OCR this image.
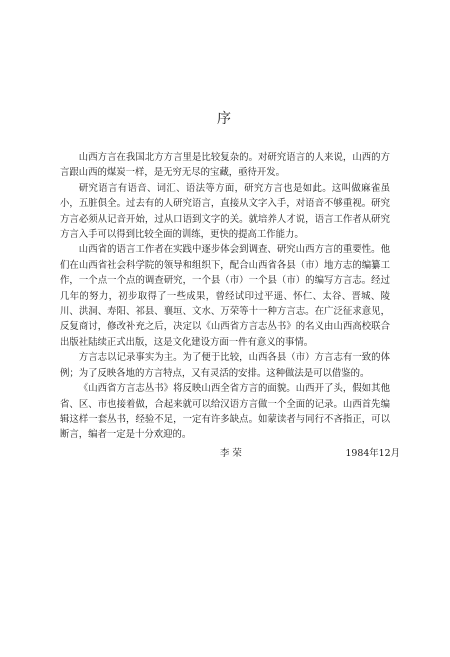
序

山西方言在我国北方方言里是比较复杂的。对研究语言的人来说，山西的方言跟山西的煤炭一样，是无穷无尽的宝藏，亟待开发。

研究语言有语音、词汇、语法等方面，研究方言也是如此。这叫做麻雀虽小，五脏俱全。过去有的人研究语言，直接从文字入手，对语音不够重视。研究方言必须从记音开始，过从口语到文字的关。就培养人才说，语言工作者从研究方言入手可以得到比较全面的训练，更快的提高工作能力。

山西省的语言工作者在实践中逐步体会到调查、研究山西方言的重要性。他们在山西省社会科学院的领导和组织下，配合山西省各县（市）地方志的编纂工作，一个点一个点的调查研究，一个县（市）一个县（市）的编写方言志。经过几年的努力，初步取得了一些成果，曾经试印过平遥、怀仁、太谷、晋城、陵川、洪洞、寿阳、祁县、襄垣、文水、万荣等十一种方言志。在广泛征求意见，反复商讨，修改补充之后，决定以《山西省方言志丛书》的名义由山西高校联合出版社陆续正式出版，这是文化建设方面一件有意义的事情。

方言志以记录事实为主。为了便于比较，山西各县（市）方言志有一致的体例；为了反映各地的方言特点，又有灵活的安排。这种做法是可以借鉴的。

《山西省方言志丛书》将反映山西全省方言的面貌。山西开了头，假如其他省、区、市也接着做，合起来就可以给汉语方言做一个全面的记录。山西首先编辑这样一套丛书，经验不足，一定有许多缺点。如蒙读者与同行不吝指正，可以断言，编者一定是十分欢迎的。

李 荣	1984年12月
